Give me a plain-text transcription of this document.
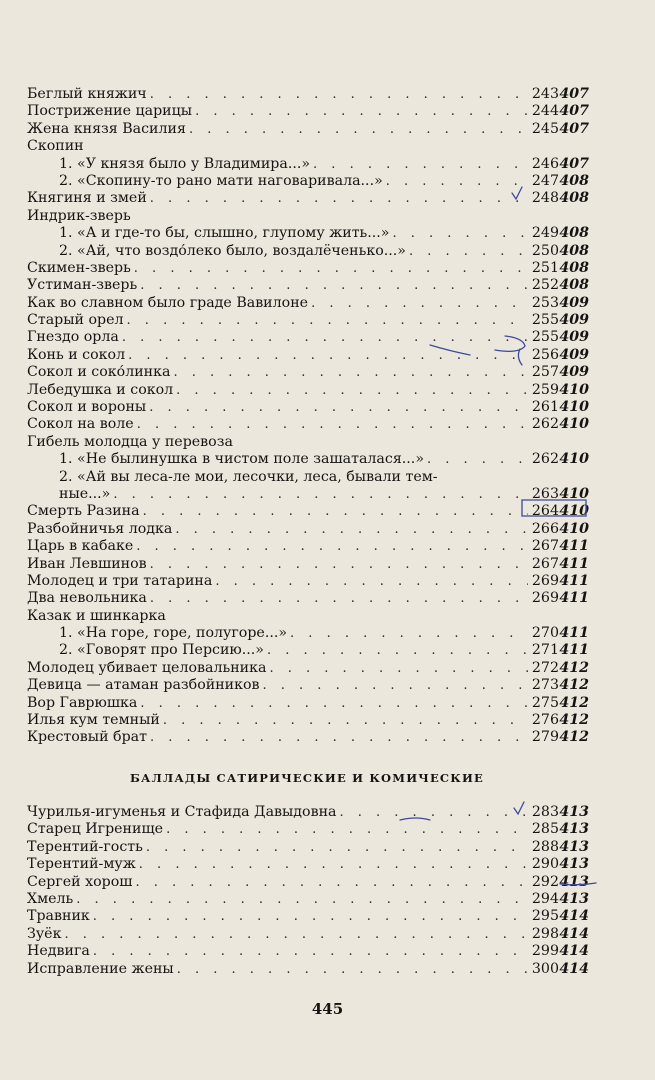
Беглый княжич . . .	243 407
Пострижение царицы . . .	244 407
Жена князя Василия . . .	245 407
Скопин
1. «У князя было у Владимира...» . . .	246 407
2. «Скопину-то рано мати наговаривала...» . . .	247 408
Княгиня и змей . . .	248 408
Индрик-зверь
1. «А и где-то бы, слышно, глупому жить...» . . .	249 408
2. «Ай, что воздо́леко было, воздалёченько...» . . .	250 408
Скимен-зверь . . .	251 408
Устиман-зверь . . .	252 408
Как во славном было граде Вавилоне . . .	253 409
Старый орел . . .	255 409
Гнездо орла . . .	255 409
Конь и сокол . . .	256 409
Сокол и соко́линка . . .	257 409
Лебедушка и сокол . . .	259 410
Сокол и вороны . . .	261 410
Сокол на воле . . .	262 410
Гибель молодца у перевоза
1. «Не былинушка в чистом поле зашаталася...» . . .	262 410
2. «Ай вы леса-ле мои, лесочки, леса, бывали тем-
ные...» . . .	263 410
Смерть Разина . . .	264 410
Разбойничья лодка . . .	266 410
Царь в кабаке . . .	267 411
Иван Левшинов . . .	267 411
Молодец и три татарина . . .	269 411
Два невольника . . .	269 411
Казак и шинкарка
1. «На горе, горе, полугоре...» . . .	270 411
2. «Говорят про Персию...» . . .	271 411
Молодец убивает целовальника . . .	272 412
Девица — атаман разбойников . . .	273 412
Вор Гаврюшка . . .	275 412
Илья кум темный . . .	276 412
Крестовый брат . . .	279 412
БАЛЛАДЫ САТИРИЧЕСКИЕ И КОМИЧЕСКИЕ
Чурилья-игуменья и Стафида Давыдовна . . .	283 413
Старец Игренище . . .	285 413
Терентий-гость . . .	288 413
Терентий-муж . . .	290 413
Сергей хорош . . .	292 413
Хмель . . .	294 413
Травник . . .	295 414
Зуёк . . .	298 414
Недвига . . .	299 414
Исправление жены . . .	300 414
445
